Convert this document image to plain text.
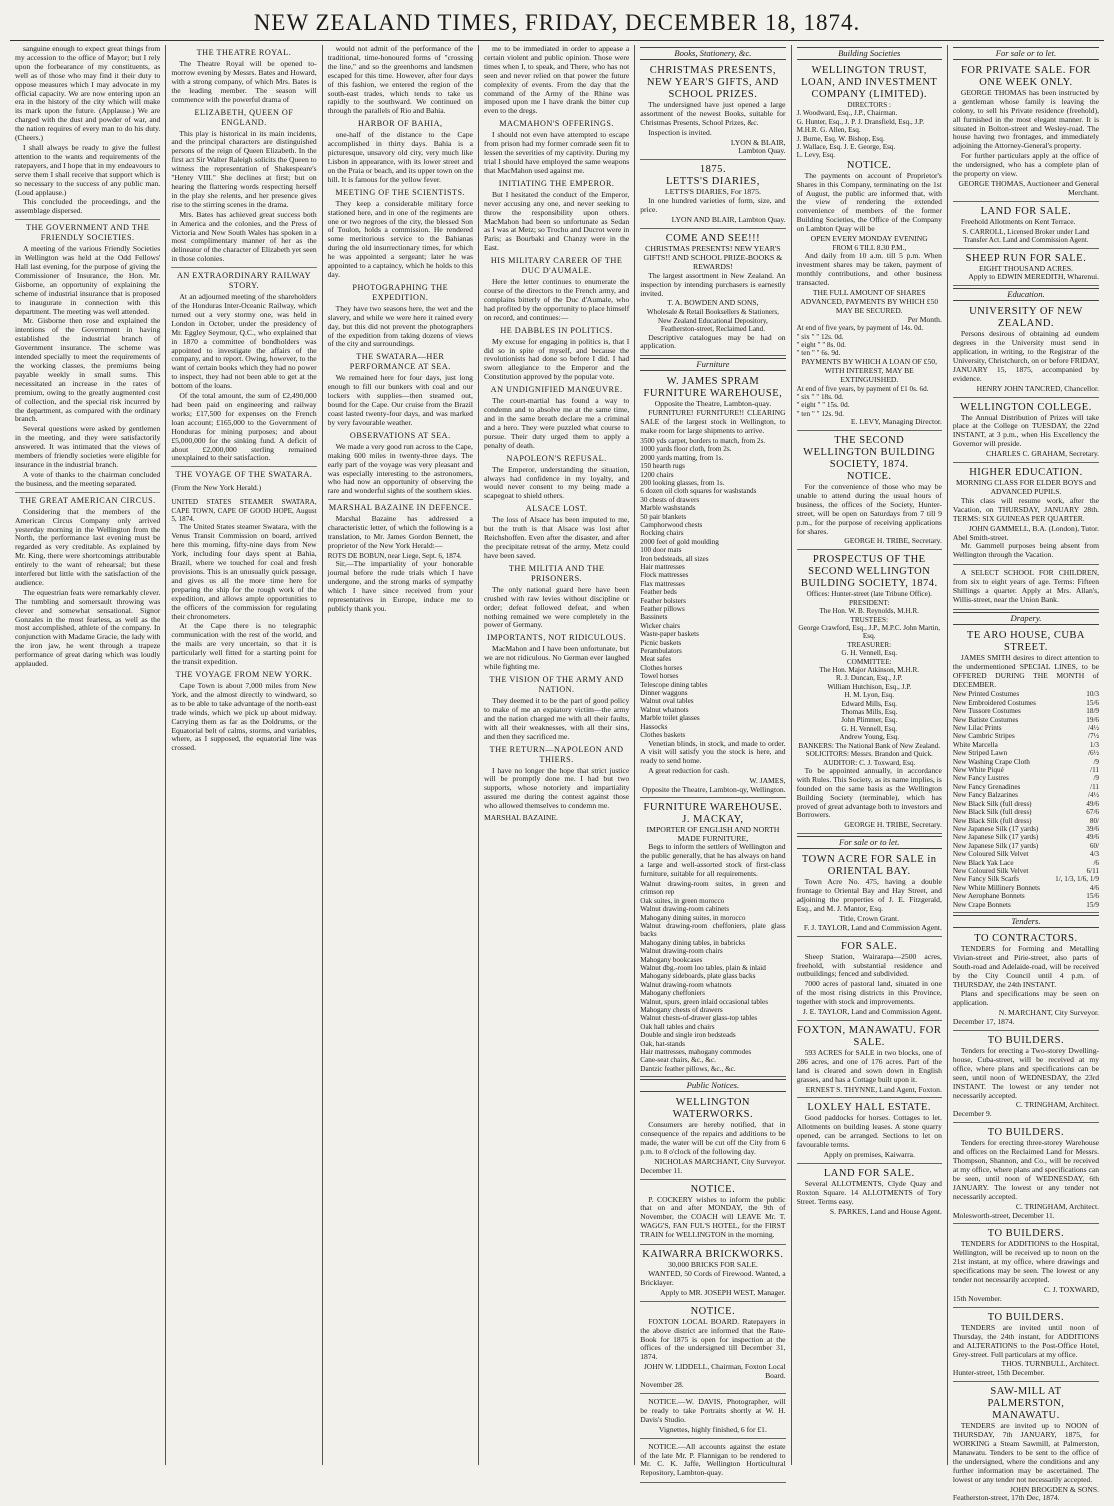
NEW ZEALAND TIMES, FRIDAY, DECEMBER 18, 1874.

sanguine enough to expect great things from my accession to the office of Mayor; but I rely upon the forbearance of my constituents, as well as of those who may find it their duty to oppose measures which I may advocate in my official capacity. We are now entering upon an era in the history of the city which will make its mark upon the future. (Applause.) We are charged with the dust and powder of war, and the nation requires of every man to do his duty. (Cheers.)

I shall always be ready to give the fullest attention to the wants and requirements of the ratepayers, and I hope that in my endeavours to serve them I shall receive that support which is so necessary to the success of any public man. (Loud applause.)

This concluded the proceedings, and the assemblage dispersed.

THE GOVERNMENT AND THE FRIENDLY SOCIETIES.

A meeting of the various Friendly Societies in Wellington was held at the Odd Fellows' Hall last evening, for the purpose of giving the Commissioner of Insurance, the Hon. Mr. Gisborne, an opportunity of explaining the scheme of industrial insurance that is proposed to inaugurate in connection with this department. The meeting was well attended.

Mr. Gisborne then rose and explained the intentions of the Government in having established the industrial branch of Government insurance. The scheme was intended specially to meet the requirements of the working classes, the premiums being payable weekly in small sums. This necessitated an increase in the rates of premium, owing to the greatly augmented cost of collection, and the special risk incurred by the department, as compared with the ordinary branch.

Several questions were asked by gentlemen in the meeting, and they were satisfactorily answered. It was intimated that the views of members of friendly societies were eligible for insurance in the industrial branch.

A vote of thanks to the chairman concluded the business, and the meeting separated.

THE GREAT AMERICAN CIRCUS.

Considering that the members of the American Circus Company only arrived yesterday morning in the Wellington from the North, the performance last evening must be regarded as very creditable. As explained by Mr. King, there were shortcomings attributable entirely to the want of rehearsal; but these interfered but little with the satisfaction of the audience.

The equestrian feats were remarkably clever. The tumbling and somersault throwing was clever and somewhat sensational. Signor Gonzales in the most fearless, as well as the most accomplished, athlete of the company. In conjunction with Madame Gracie, the lady with the iron jaw, he went through a trapeze performance of great daring which was loudly applauded.

THE THEATRE ROYAL.

The Theatre Royal will be opened to-morrow evening by Messrs. Bates and Howard, with a strong company, of which Mrs. Bates is the leading member. The season will commence with the powerful drama of

ELIZABETH, QUEEN OF ENGLAND.

This play is historical in its main incidents, and the principal characters are distinguished persons of the reign of Queen Elizabeth. In the first act Sir Walter Raleigh solicits the Queen to witness the representation of Shakespeare's "Henry VIII." She declines at first; but on hearing the flattering words respecting herself in the play she relents, and her presence gives rise to the stirring scenes in the drama.

Mrs. Bates has achieved great success both in America and the colonies, and the Press of Victoria and New South Wales has spoken in a most complimentary manner of her as the delineator of the character of Elizabeth yet seen in those colonies.

AN EXTRAORDINARY RAILWAY STORY.

At an adjourned meeting of the shareholders of the Honduras Inter-Oceanic Railway, which turned out a very stormy one, was held in London in October, under the presidency of Mr. Eggley Seymour, Q.C., who explained that in 1870 a committee of bondholders was appointed to investigate the affairs of the company, and to report. Owing, however, to the want of certain books which they had no power to inspect, they had not been able to get at the bottom of the loans.

Of the total amount, the sum of £2,490,000 had been paid on engineering and railway works; £17,500 for expenses on the French loan account; £165,000 to the Government of Honduras for mining purposes; and about £5,000,000 for the sinking fund. A deficit of about £2,000,000 sterling remained unexplained to their satisfaction.

THE VOYAGE OF THE SWATARA.
(From the New York Herald.)
UNITED STATES STEAMER SWATARA, CAPE TOWN, CAPE OF GOOD HOPE, August 5, 1874.

The United States steamer Swatara, with the Venus Transit Commission on board, arrived here this morning, fifty-nine days from New York, including four days spent at Bahia, Brazil, where we touched for coal and fresh provisions. This is an unusually quick passage, and gives us all the more time here for preparing the ship for the rough work of the expedition, and allows ample opportunities to the officers of the commission for regulating their chronometers.

At the Cape there is no telegraphic communication with the rest of the world, and the mails are very uncertain, so that it is particularly well fitted for a starting point for the transit expedition.

THE VOYAGE FROM NEW YORK.

Cape Town is about 7,000 miles from New York, and the almost directly to windward, so as to be able to take advantage of the north-east trade winds, which we pick up about midway. Carrying them as far as the Doldrums, or the Equatorial belt of calms, storms, and variables, where, as I supposed, the equatorial line was crossed.

would not admit of the performance of the traditional, time-honoured forms of "crossing the line," and so the greenhorns and landsmen escaped for this time. However, after four days of this fashion, we entered the region of the south-east trades, which tends to take us rapidly to the southward. We continued on through the parallels of Rio and Bahia.

HARBOR OF BAHIA,

one-half of the distance to the Cape accomplished in thirty days. Bahia is a picturesque, unsavory old city, very much like Lisbon in appearance, with its lower street and on the Praia or beach, and its upper town on the hill. It is famous for the yellow fever.

MEETING OF THE SCIENTISTS.

They keep a considerable military force stationed here, and in one of the regiments are one or two negroes of the city, the blessed Son of Toulon, holds a commission. He rendered some meritorious service to the Bahianas during the old insurrectionary times, for which he was appointed a sergeant; later he was appointed to a captaincy, which he holds to this day.

PHOTOGRAPHING THE EXPEDITION.

They have two seasons here, the wet and the slavery, and while we were here it rained every day, but this did not prevent the photographers of the expedition from taking dozens of views of the city and surroundings.

THE SWATARA—HER PERFORMANCE AT SEA.

We remained here for four days, just long enough to fill our bunkers with coal and our lockers with supplies—then steamed out, bound for the Cape. Our cruise from the Brazil coast lasted twenty-four days, and was marked by very favourable weather.

OBSERVATIONS AT SEA.

We made a very good run across to the Cape, making 600 miles in twenty-three days. The early part of the voyage was very pleasant and was especially interesting to the astronomers, who had now an opportunity of observing the rare and wonderful sights of the southern skies.

MARSHAL BAZAINE IN DEFENCE.

Marshal Bazaine has addressed a characteristic letter, of which the following is a translation, to Mr. James Gordon Bennett, the proprietor of the New York Herald:—

ROTS DE BOBUN, near Liege, Sept. 6, 1874.

Sir,—The impartiality of your honorable journal before the rude trials which I have undergone, and the strong marks of sympathy which I have since received from your representatives in Europe, induce me to publicly thank you.

me to be immediated in order to appease a certain violent and public opinion. Those were times when I, to speak, and There, who has not seen and never relied on that power the future complexity of events. From the day that the command of the Army of the Rhine was imposed upon me I have drank the bitter cup even to the dregs.

MACMAHON'S OFFERINGS.

I should not even have attempted to escape from prison had my former comrade seen fit to lessen the severities of my captivity. During my trial I should have employed the same weapons that MacMahon used against me.

INITIATING THE EMPEROR.

But I hesitated the conduct of the Emperor, never accusing any one, and never seeking to throw the responsibility upon others. MacMahon had been so unfortunate as Sedan as I was at Metz; so Trochu and Ducrot were in Paris; as Bourbaki and Chanzy were in the East.

HIS MILITARY CAREER OF THE DUC D'AUMALE.

Here the letter continues to enumerate the course of the directors to the French army, and complains bitterly of the Duc d'Aumale, who had profited by the opportunity to place himself on record, and continues:—

HE DABBLES IN POLITICS.

My excuse for engaging in politics is, that I did so in spite of myself, and because the revolutionists had done so before I did. I had sworn allegiance to the Emperor and the Constitution approved by the popular vote.

AN UNDIGNIFIED MANŒUVRE.

The court-martial has found a way to condemn and to absolve me at the same time, and in the same breath declare me a criminal and a hero. They were puzzled what course to pursue. Their duty urged them to apply a penalty of death.

NAPOLEON'S REFUSAL.

The Emperor, understanding the situation, always had confidence in my loyalty, and would never consent to my being made a scapegoat to shield others.

ALSACE LOST.

The loss of Alsace has been imputed to me, but the truth is that Alsace was lost after Reichshoffen. Even after the disaster, and after the precipitate retreat of the army, Metz could have been saved.

THE MILITIA AND THE PRISONERS.

The only national guard here have been crushed with raw levies without discipline or order; defeat followed defeat, and when nothing remained we were completely in the power of Germany.

IMPORTANTS, NOT RIDICULOUS.

MacMahon and I have been unfortunate, but we are not ridiculous. No German ever laughed while fighting me.

THE VISION OF THE ARMY AND NATION.

They deemed it to be the part of good policy to make of me an expiatory victim—the army and the nation charged me with all their faults, with all their weaknesses, with all their sins, and then they sacrificed me.

THE RETURN—NAPOLEON AND THIERS.

I have no longer the hope that strict justice will be promptly done me. I had but two supports, whose notoriety and impartiality assured me during the contest against those who allowed themselves to condemn me.

MARSHAL BAZAINE.
Books, Stationery, &c.
CHRISTMAS PRESENTS, NEW YEAR'S GIFTS, AND SCHOOL PRIZES.

The undersigned have just opened a large assortment of the newest Books, suitable for Christmas Presents, School Prizes, &c.

Inspection is invited.

LYON & BLAIR,
Lambton Quay.
1875.
LETTS'S DIARIES,
LETTS'S DIARIES, For 1875.

In one hundred varieties of form, size, and price.

LYON AND BLAIR, Lambton Quay.
COME AND SEE!!!
CHRISTMAS PRESENTS! NEW YEAR'S GIFTS!! AND SCHOOL PRIZE-BOOKS & REWARDS!

The largest assortment in New Zealand. An inspection by intending purchasers is earnestly invited.

T. A. BOWDEN AND SONS,
Wholesale & Retail Booksellers & Stationers, New Zealand Educational Depository, Featherston-street, Reclaimed Land.

Descriptive catalogues may be had on application.

Furniture
W. JAMES SPRAM FURNITURE WAREHOUSE,
Opposite the Theatre, Lambton-quay.

FURNITURE! FURNITURE!! CLEARING SALE of the largest stock in Wellington, to make room for large shipments to arrive.

3500 yds carpet, borders to match, from 2s.
1000 yards floor cloth, from 2s.
2000 yards matting, from 1s.
150 hearth rugs
1200 chairs
200 looking glasses, from 1s.
6 dozen oil cloth squares for washstands
30 chests of drawers
Marble washstands
50 pair blankets
Camphorwood chests
Rocking chairs
2000 feet of gold moulding
100 door mats
Iron bedsteads, all sizes
Hair mattresses
Flock mattresses
Flax mattresses
Feather beds
Feather bolsters
Feather pillows
Bassinets
Wicker chairs
Waste-paper baskets
Picnic baskets
Perambulators
Meat safes
Clothes horses
Towel horses
Telescope dining tables
Dinner waggons
Walnut oval tables
Walnut whatnots
Marble toilet glasses
Hassocks
Clothes baskets

Venetian blinds, in stock, and made to order. A visit will satisfy you the stock is here, and ready to send home.

A great reduction for cash.

W. JAMES,
Opposite the Theatre, Lambton-qy, Wellington.
FURNITURE WAREHOUSE.
J. MACKAY,
IMPORTER OF ENGLISH AND NORTH MADE FURNITURE,

Begs to inform the settlers of Wellington and the public generally, that he has always on hand a large and well-assorted stock of first-class furniture, suitable for all requirements.

Walnut drawing-room suites, in green and crimson rep
Oak suites, in green morocco
Walnut drawing-room cabinets
Mahogany dining suites, in morocco
Walnut drawing-room cheffoniers, plate glass backs
Mahogany dining tables, in babricks
Walnut drawing-room chairs
Mahogany bookcases
Walnut dbg.-room loo tables, plain & inlaid
Mahogany sideboards, plate glass backs
Walnut drawing-room whatnots
Mahogany cheffoniers
Walnut, spurs, green inlaid occasional tables
Mahogany chests of drawers
Walnut chests-of-drawer glass-top tables
Oak hall tables and chairs
Double and single iron bedsteads
Oak, hat-stands
Hair mattresses, mahogany commodes
Cane-seat chairs, &c., &c.
Dantzic feather pillows, &c., &c.
Public Notices.
WELLINGTON WATERWORKS.

Consumers are hereby notified, that in consequence of the repairs and additions to be made, the water will be cut off the City from 6 p.m. to 8 o'clock of the following day.

NICHOLAS MARCHANT, City Surveyor.
December 11.
NOTICE.

P. COCKERY wishes to inform the public that on and after MONDAY, the 9th of November, the COACH will LEAVE Mr. T. WAGG'S, FAN FUL'S HOTEL, for the FIRST TRAIN for WELLINGTON in the morning.

KAIWARRA BRICKWORKS.
30,000 BRICKS FOR SALE.

WANTED, 50 Cords of Firewood. Wanted, a Bricklayer.

Apply to MR. JOSEPH WEST, Manager.
NOTICE.

FOXTON LOCAL BOARD. Ratepayers in the above district are informed that the Rate-Book for 1875 is open for inspection at the offices of the undersigned till December 31, 1874.

JOHN W. LIDDELL, Chairman, Foxton Local Board.
November 28.

NOTICE.—W. DAVIS, Photographer, will be ready to take Portraits shortly at W. H. Davis's Studio.

Vignettes, highly finished, 6 for £1.

NOTICE.—All accounts against the estate of the late Mr. P. Flannigan to be rendered to Mr. C. K. Jaffe, Wellington Horticultural Repository, Lambton-quay.

Building Societies
WELLINGTON TRUST, LOAN, AND INVESTMENT COMPANY (LIMITED).
DIRECTORS :
J. Woodward, Esq., J.P., Chairman.
G. Hunter, Esq., J. P. J. Dransfield, Esq., J.P.
M.H.R. G. Allen, Esq.
J. Burne, Esq. W. Bishop, Esq.
J. Wallace, Esq. J. E. George, Esq.
L. Levy, Esq.
NOTICE.

The payments on account of Proprietor's Shares in this Company, terminating on the 1st of August, the public are informed that, with the view of rendering the extended convenience of members of the former Building Societies, the Office of the Company on Lambton Quay will be

OPEN EVERY MONDAY EVENING
FROM 6 TILL 8.30 P.M.,

And daily from 10 a.m. till 5 p.m. When investment shares may be taken, payment of monthly contributions, and other business transacted.

THE FULL AMOUNT OF SHARES ADVANCED, PAYMENTS BY WHICH £50 MAY BE SECURED.
Per Month.
At end of five years, by payment of 14s. 0d.
" six " " 12s. 0d.
" eight " " 8s. 0d.
" ten " " 6s. 9d.
PAYMENTS BY WHICH A LOAN OF £50, WITH INTEREST, MAY BE EXTINGUISHED.
At end of five years, by payment of £1 0s. 6d.
" six " " 18s. 0d.
" eight " " 15s. 0d.
" ten " " 12s. 9d.
E. LEVY, Managing Director.
THE SECOND WELLINGTON BUILDING SOCIETY, 1874.
NOTICE.

For the convenience of those who may be unable to attend during the usual hours of business, the offices of the Society, Hunter-street, will be open on Saturdays from 7 till 9 p.m., for the purpose of receiving applications for shares.

GEORGE H. TRIBE, Secretary.
PROSPECTUS OF THE SECOND WELLINGTON BUILDING SOCIETY, 1874.
Offices: Hunter-street (late Tribune Office).
PRESIDENT:
The Hon. W. B. Reynolds, M.H.R.
TRUSTEES:
George Crawford, Esq., J.P., M.P.C. John Martin, Esq.
TREASURER:
G. H. Vennell, Esq.
COMMITTEE:
The Hon. Major Atkinson, M.H.R.
R. J. Duncan, Esq., J.P.
William Hutchison, Esq., J.P.
H. M. Lyon, Esq.
Edward Mills, Esq.
Thomas Mills, Esq.
John Plimmer, Esq.
G. H. Vennell, Esq.
Andrew Young, Esq.
BANKERS: The National Bank of New Zealand.
SOLICITORS: Messrs. Brandon and Quick.
AUDITOR: C. J. Toxward, Esq.

To be appointed annually, in accordance with Rules. This Society, as its name implies, is founded on the same basis as the Wellington Building Society (terminable), which has proved of great advantage both to investors and Borrowers.

GEORGE H. TRIBE, Secretary.
For sale or to let.
TOWN ACRE FOR SALE in ORIENTAL BAY.

Town Acre No. 475, having a double frontage to Oriental Bay and Hay Street, and adjoining the properties of J. E. Fitzgerald, Esq., and M. J. Mantor, Esq.

Title, Crown Grant.
F. J. TAYLOR, Land and Commission Agent.
FOR SALE.

Sheep Station, Wairarapa—2500 acres, freehold, with substantial residence and outbuildings; fenced and subdivided.

7000 acres of pastoral land, situated in one of the most rising districts in this Province, together with stock and improvements.

J. E. TAYLOR, Land and Commission Agent.
FOXTON, MANAWATU. FOR SALE.

593 ACRES for SALE in two blocks, one of 286 acres, and one of 176 acres. Part of the land is cleared and sown down in English grasses, and has a Cottage built upon it.

ERNEST S. THYNNE, Land Agent, Foxton.
LOXLEY HALL ESTATE.

Good paddocks for horses. Cottages to let. Allotments on building leases. A stone quarry opened, can be arranged. Sections to let on favourable terms.

Apply on premises, Kaiwarra.
LAND FOR SALE.

Several ALLOTMENTS, Clyde Quay and Roxton Square. 14 ALLOTMENTS of Tory Street. Terms easy.

S. PARKES, Land and House Agent.
For sale or to let.
FOR PRIVATE SALE. FOR ONE WEEK ONLY.

GEORGE THOMAS has been instructed by a gentleman whose family is leaving the colony, to sell his Private residence (freehold), all furnished in the most elegant manner. It is situated in Bolton-street and Wesley-road. The house having two frontages, and immediately adjoining the Attorney-General's property.

For further particulars apply at the office of the undersigned, who has a complete plan of the property on view.

GEORGE THOMAS, Auctioneer and General Merchant.
LAND FOR SALE.

Freehold Allotments on Kent Terrace.

S. CARROLL, Licensed Broker under Land Transfer Act. Land and Commission Agent.
SHEEP RUN FOR SALE.
EIGHT THOUSAND ACRES.
Apply to EDWIN MEREDITH, Wharenui.
Education.
UNIVERSITY OF NEW ZEALAND.

Persons desirous of obtaining ad eundem degrees in the University must send in application, in writing, to the Registrar of the University, Christchurch, on or before FRIDAY, JANUARY 15, 1875, accompanied by evidence.

HENRY JOHN TANCRED, Chancellor.
WELLINGTON COLLEGE.

The Annual Distribution of Prizes will take place at the College on TUESDAY, the 22nd INSTANT, at 3 p.m., when His Excellency the Governor will preside.

CHARLES C. GRAHAM, Secretary.
HIGHER EDUCATION.
MORNING CLASS FOR ELDER BOYS and ADVANCED PUPILS.

This class will resume work, after the Vacation, on THURSDAY, JANUARY 28th. TERMS: SIX GUINEAS PER QUARTER.

JOHN GAMMELL, B.A. (London), Tutor.
Abel Smith-street.

Mr. Gammell purposes being absent from Wellington through the Vacation.

A SELECT SCHOOL FOR CHILDREN, from six to eight years of age. Terms: Fifteen Shillings a quarter. Apply at Mrs. Allan's, Willis-street, near the Union Bank.

Drapery.
TE ARO HOUSE, CUBA STREET.

JAMES SMITH desires to direct attention to the undermentioned SPECIAL LINES, to be OFFERED DURING THE MONTH of DECEMBER.

New Printed Costumes	10/3
New Embroidered Costumes	15/6
New Tussore Costumes	18/9
New Batiste Costumes	19/6
New Lilac Prints	/4½
New Cambric Stripes	/7½
White Marcella	1/3
New Striped Lawn	/6½
New Washing Crape Cloth	/9
New White Piqué	/11
New Fancy Lustres	/9
New Fancy Grenadines	/11
New Fancy Balzarines	/4½
New Black Silk (full dress)	49/6
New Black Silk (full dress)	67/6
New Black Silk (full dress)	80/
New Japanese Silk (17 yards)	39/6
New Japanese Silk (17 yards)	49/6
New Japanese Silk (17 yards)	60/
New Coloured Silk Velvet	4/3
New Black Yak Lace	/6
New Coloured Silk Velvet	6/11
New Fancy Silk Scarfs	1/, 1/3, 1/6, 1/9
New White Millinery Bonnets	4/6
New Aerophane Bonnets	15/6
New Crape Bonnets	15/9
Tenders.
TO CONTRACTORS.

TENDERS for Forming and Metalling Vivian-street and Pirie-street, also parts of South-road and Adelaide-road, will be received by the City Council until 4 p.m. of THURSDAY, the 24th INSTANT.

Plans and specifications may be seen on application.

N. MARCHANT, City Surveyor.
December 17, 1874.
TO BUILDERS.

Tenders for erecting a Two-storey Dwelling-house, Cuba-street, will be received at my office, where plans and specifications can be seen, until noon of WEDNESDAY, the 23rd INSTANT. The lowest or any tender not necessarily accepted.

C. TRINGHAM, Architect.
December 9.
TO BUILDERS.

Tenders for erecting three-storey Warehouse and offices on the Reclaimed Land for Messrs. Thompson, Shannon, and Co., will be received at my office, where plans and specifications can be seen, until noon of WEDNESDAY, 6th JANUARY. The lowest or any tender not necessarily accepted.

C. TRINGHAM, Architect.
Molesworth-street, December 11.
TO BUILDERS.

TENDERS for ADDITIONS to the Hospital, Wellington, will be received up to noon on the 21st instant, at my office, where drawings and specifications may be seen. The lowest or any tender not necessarily accepted.

C. J. TOXWARD,
15th November.
TO BUILDERS.

TENDERS are invited until noon of Thursday, the 24th instant, for ADDITIONS and ALTERATIONS to the Post-Office Hotel, Grey-street. Full particulars at my office.

THOS. TURNBULL, Architect.
Hunter-street, 15th December.
SAW-MILL AT PALMERSTON, MANAWATU.

TENDERS are invited up to NOON of THURSDAY, 7th JANUARY, 1875, for WORKING a Steam Sawmill, at Palmerston, Manawatu. Tenders to be sent to the office of the undersigned, where the conditions and any further information may be ascertained. The lowest or any tender not necessarily accepted.

JOHN BROGDEN & SONS.
Featherston-street, 17th Dec, 1874.
